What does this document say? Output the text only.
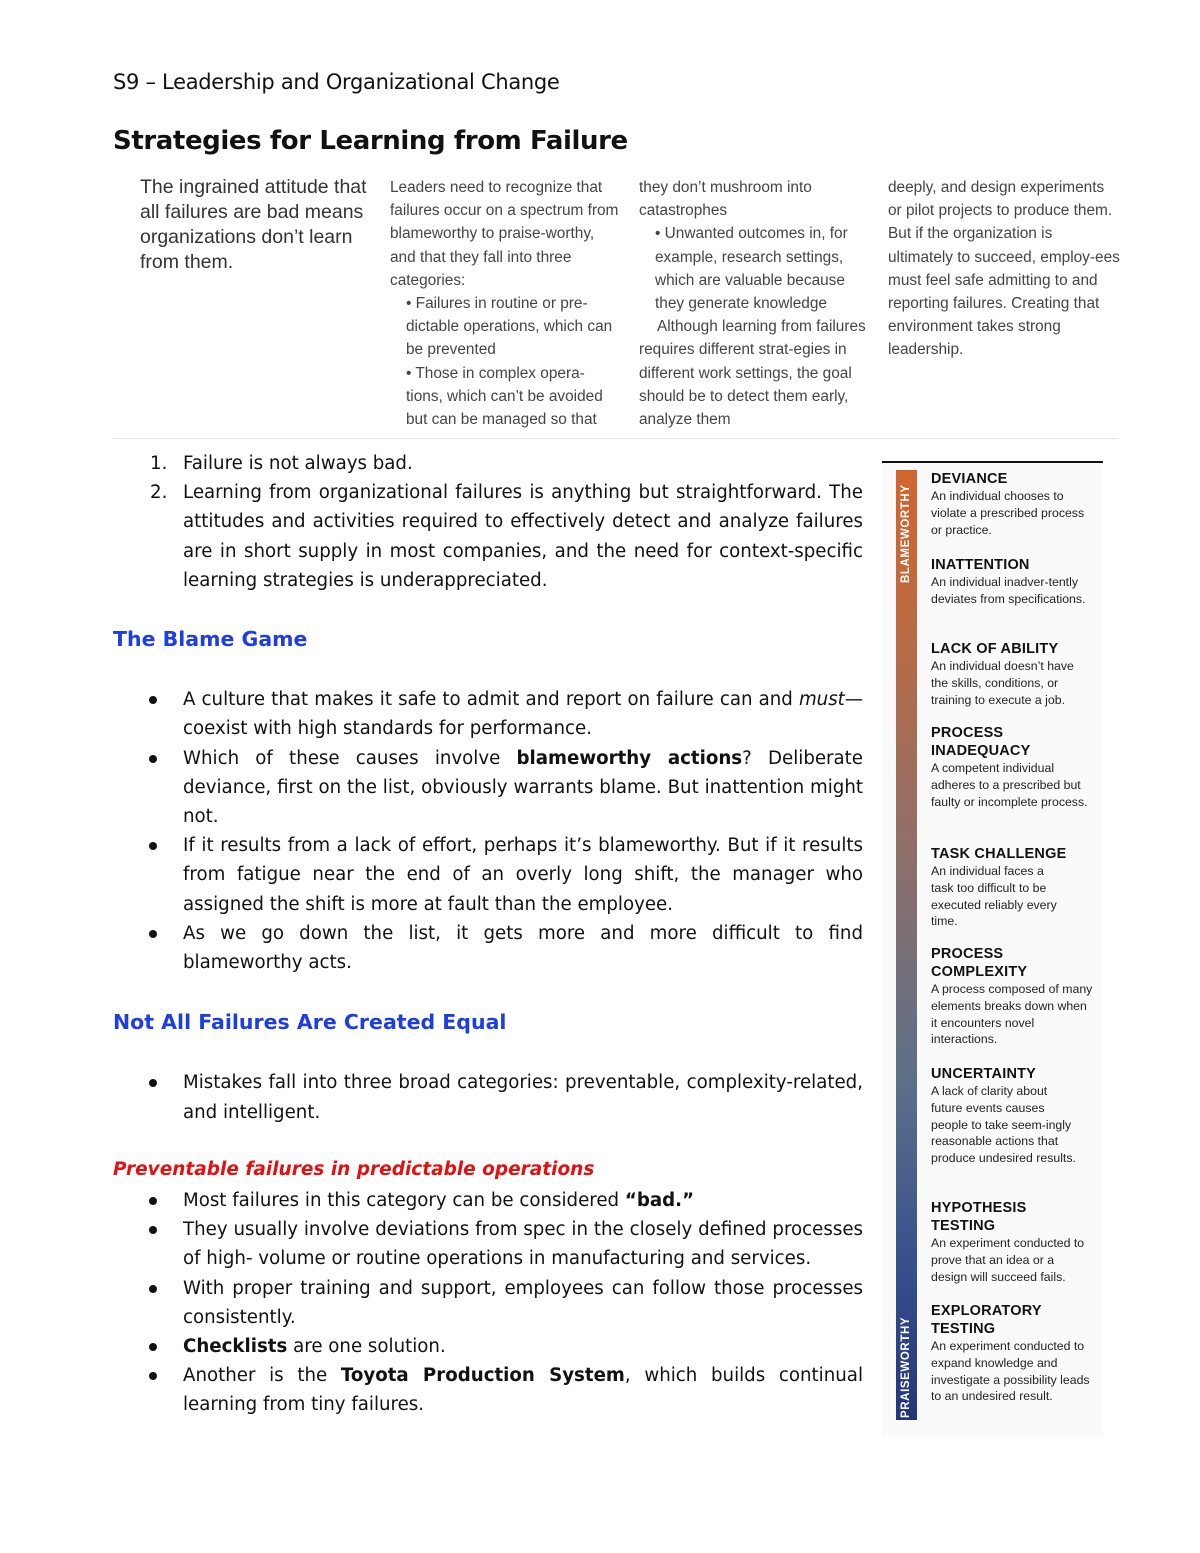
S9 – Leadership and Organizational Change
Strategies for Learning from Failure
The ingrained attitude that all failures are bad means organizations don’t learn from them.

Leaders need to recognize that failures occur on a spectrum from blameworthy to praise-worthy, and that they fall into three categories:

• Failures in routine or pre-dictable operations, which can be prevented

• Those in complex opera-tions, which can’t be avoided but can be managed so that

they don’t mushroom into catastrophes

• Unwanted outcomes in, for example, research settings, which are valuable because they generate knowledge

Although learning from failures requires different strat-egies in different work settings, the goal should be to detect them early, analyze them

deeply, and design experiments or pilot projects to produce them. But if the organization is ultimately to succeed, employ-ees must feel safe admitting to and reporting failures. Creating that environment takes strong leadership.

1. Failure is not always bad.
2. Learning from organizational failures is anything but straightforward. The attitudes and activities required to effectively detect and analyze failures are in short supply in most companies, and the need for context-specific learning strategies is underappreciated.
The Blame Game
A culture that makes it safe to admit and report on failure can and must—coexist with high standards for performance.
Which of these causes involve blameworthy actions? Deliberate deviance, first on the list, obviously warrants blame. But inattention might not.
If it results from a lack of effort, perhaps it’s blameworthy. But if it results from fatigue near the end of an overly long shift, the manager who assigned the shift is more at fault than the employee.
As we go down the list, it gets more and more difficult to find blameworthy acts.
Not All Failures Are Created Equal
Mistakes fall into three broad categories: preventable, complexity-related, and intelligent.
Preventable failures in predictable operations
Most failures in this category can be considered “bad.”
They usually involve deviations from spec in the closely defined processes of high- volume or routine operations in manufacturing and services.
With proper training and support, employees can follow those processes consistently.
Checklists are one solution.
Another is the Toyota Production System, which builds continual learning from tiny failures.
BLAMEWORTHY
PRAISEWORTHY
DEVIANCE
An individual chooses to violate a prescribed process or practice.
INATTENTION
An individual inadver-tently deviates from specifications.
LACK OF ABILITY
An individual doesn’t have the skills, conditions, or training to execute a job.
PROCESS INADEQUACY
A competent individual adheres to a prescribed but faulty or incomplete process.
TASK CHALLENGE
An individual faces a task too difficult to be executed reliably every time.
PROCESS COMPLEXITY
A process composed of many elements breaks down when it encounters novel interactions.
UNCERTAINTY
A lack of clarity about future events causes people to take seem-ingly reasonable actions that produce undesired results.
HYPOTHESIS TESTING
An experiment conducted to prove that an idea or a design will succeed fails.
EXPLORATORY TESTING
An experiment conducted to expand knowledge and investigate a possibility leads to an undesired result.
